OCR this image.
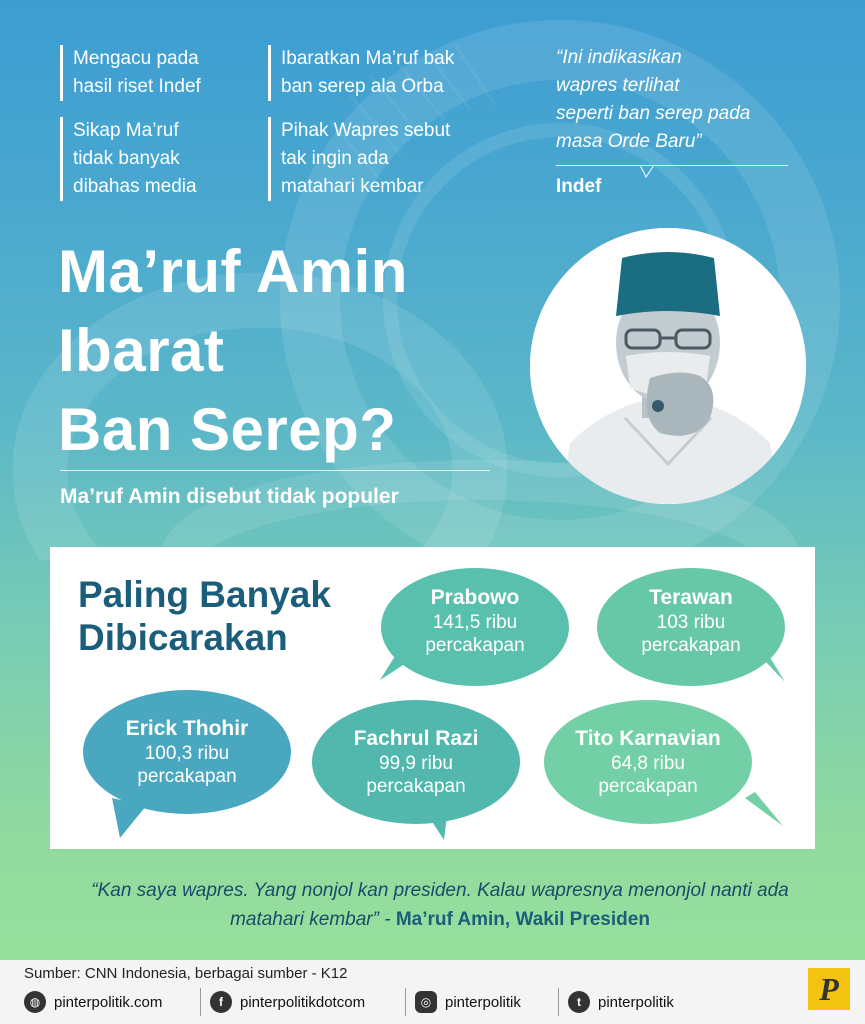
Mengacu pada
hasil riset Indef
Sikap Ma’ruf
tidak banyak
dibahas media
Ibaratkan Ma’ruf bak
ban serep ala Orba
Pihak Wapres sebut
tak ingin ada
matahari kembar
“Ini indikasikan
wapres terlihat
seperti ban serep pada
masa Orde Baru”
Indef
Ma’ruf Amin
Ibarat
Ban Serep?
Ma’ruf Amin disebut tidak populer
Paling Banyak
Dibicarakan
Prabowo
141,5 ribu
percakapan
Terawan
103 ribu
percakapan
Erick Thohir
100,3 ribu
percakapan
Fachrul Razi
99,9 ribu
percakapan
Tito Karnavian
64,8 ribu
percakapan
“Kan saya wapres. Yang nonjol kan presiden. Kalau wapresnya menonjol nanti ada matahari kembar” - Ma’ruf Amin, Wakil Presiden
Sumber: CNN Indonesia, berbagai sumber - K12
◍ pinterpolitik.com	f	pinterpolitikdotcom	◎ pinterpolitik	t	pinterpolitik	P
